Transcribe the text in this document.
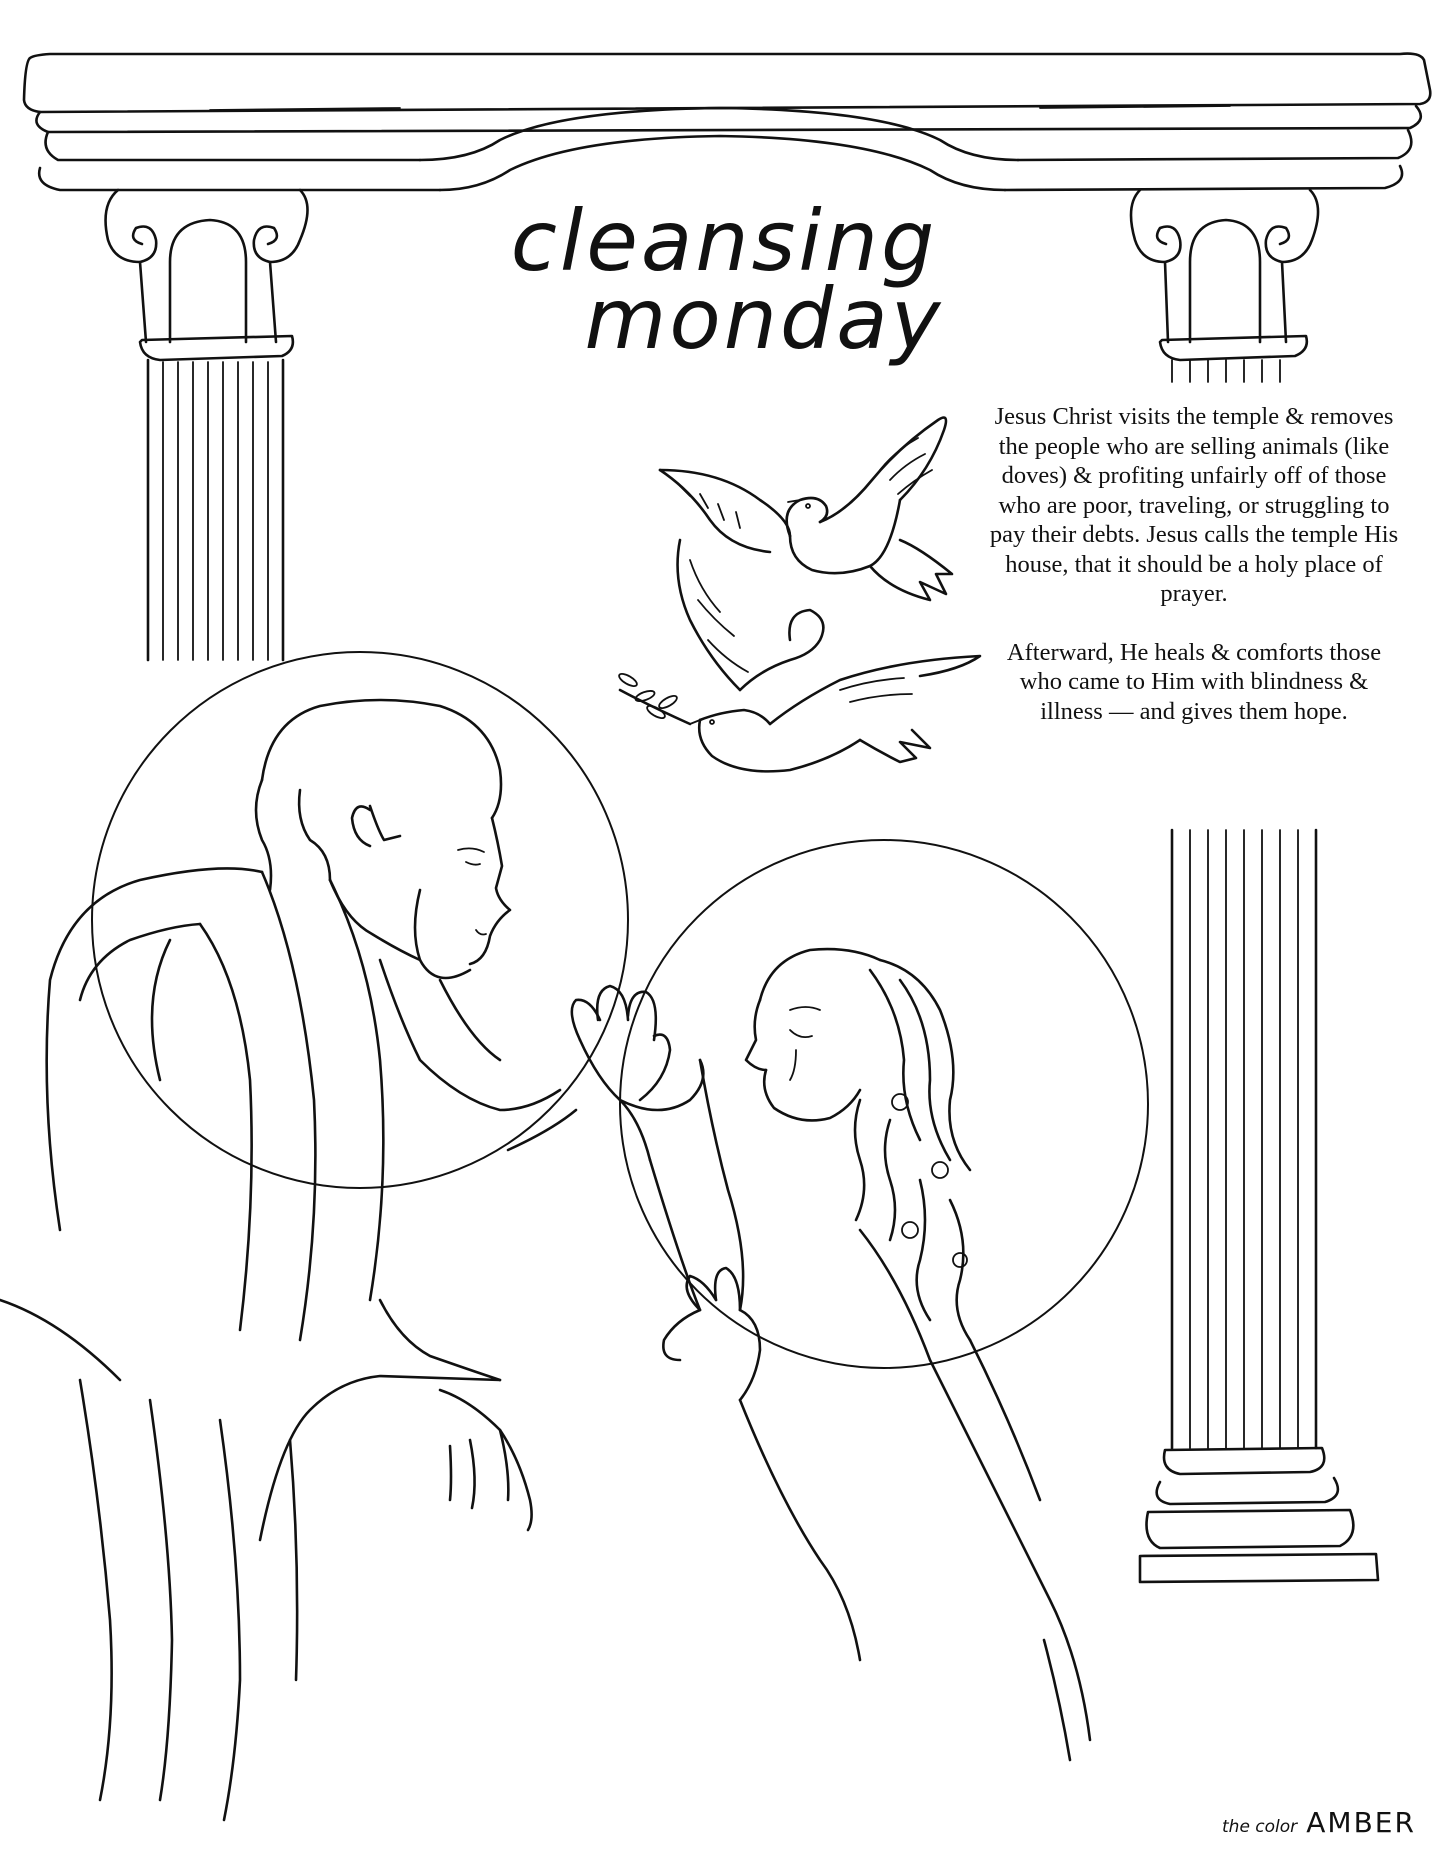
cleansing
monday

Jesus Christ visits the temple & removes the people who are selling animals (like doves) & profiting unfairly off of those who are poor, traveling, or struggling to pay their debts. Jesus calls the temple His house, that it should be a holy place of prayer.

Afterward, He heals & comforts those who came to Him with blindness & illness — and gives them hope.

the color AMBER
